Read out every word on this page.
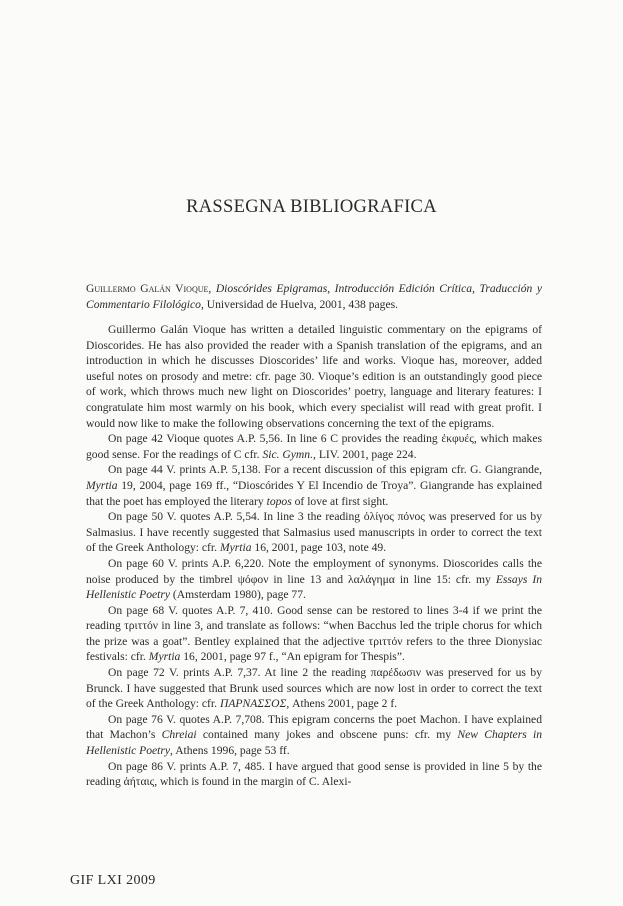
RASSEGNA BIBLIOGRAFICA
Guillermo Galán Vioque, Dioscórides Epigramas, Introducción Edición Crítica, Traducción y Commentario Filológico, Universidad de Huelva, 2001, 438 pages.

Guillermo Galán Vioque has written a detailed linguistic commentary on the epigrams of Dioscorides. He has also provided the reader with a Spanish translation of the epigrams, and an introduction in which he discusses Dioscorides’ life and works. Vioque has, moreover, added useful notes on prosody and metre: cfr. page 30. Vioque’s edition is an outstandingly good piece of work, which throws much new light on Dioscorides’ poetry, language and literary features: I congratulate him most warmly on his book, which every specialist will read with great profit. I would now like to make the following observations concerning the text of the epigrams.

On page 42 Vioque quotes A.P. 5,56. In line 6 C provides the reading ἐκφυές, which makes good sense. For the readings of C cfr. Sic. Gymn., LIV. 2001, page 224.

On page 44 V. prints A.P. 5,138. For a recent discussion of this epigram cfr. G. Giangrande, Myrtia 19, 2004, page 169 ff., “Dioscórides Y El Incendio de Troya”. Giangrande has explained that the poet has employed the literary topos of love at first sight.

On page 50 V. quotes A.P. 5,54. In line 3 the reading ὀλίγος πόνος was preserved for us by Salmasius. I have recently suggested that Salmasius used manuscripts in order to correct the text of the Greek Anthology: cfr. Myrtia 16, 2001, page 103, note 49.

On page 60 V. prints A.P. 6,220. Note the employment of synonyms. Dioscorides calls the noise produced by the timbrel ψόφον in line 13 and λαλάγημα in line 15: cfr. my Essays In Hellenistic Poetry (Amsterdam 1980), page 77.

On page 68 V. quotes A.P. 7, 410. Good sense can be restored to lines 3-4 if we print the reading τριττόν in line 3, and translate as follows: “when Bacchus led the triple chorus for which the prize was a goat”. Bentley explained that the adjective τριττόν refers to the three Dionysiac festivals: cfr. Myrtia 16, 2001, page 97 f., “An epigram for Thespis”.

On page 72 V. prints A.P. 7,37. At line 2 the reading παρέδωσιν was preserved for us by Brunck. I have suggested that Brunk used sources which are now lost in order to correct the text of the Greek Anthology: cfr. ΠΑΡΝΑΣΣΟΣ, Athens 2001, page 2 f.

On page 76 V. quotes A.P. 7,708. This epigram concerns the poet Machon. I have explained that Machon’s Chreiai contained many jokes and obscene puns: cfr. my New Chapters in Hellenistic Poetry, Athens 1996, page 53 ff.

On page 86 V. prints A.P. 7, 485. I have argued that good sense is provided in line 5 by the reading ἀήταις, which is found in the margin of C. Alexi-

GIF LXI 2009
